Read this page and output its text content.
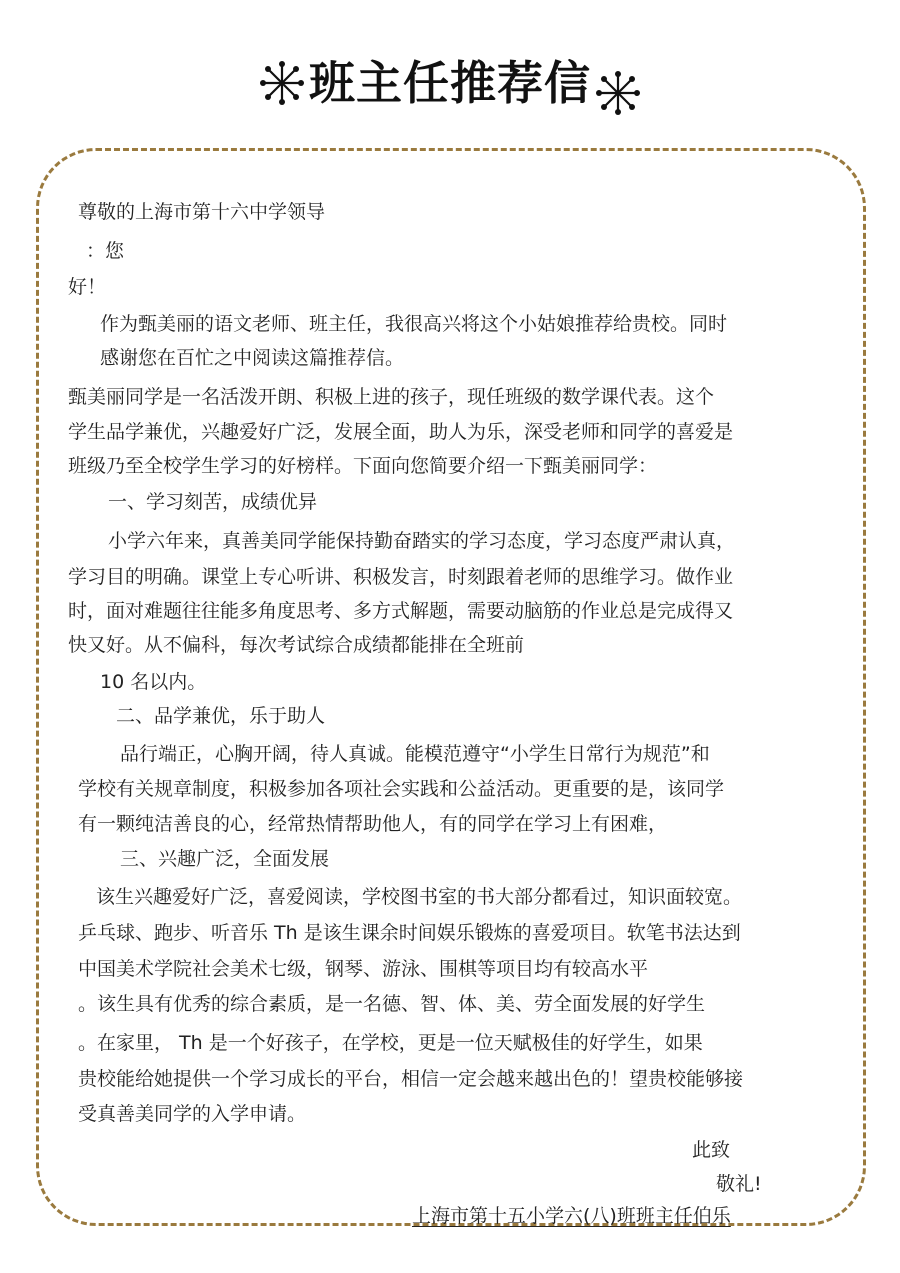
班主任推荐信
尊敬的上海市第十六中学领导
：您
好！
作为甄美丽的语文老师、班主任，我很高兴将这个小姑娘推荐给贵校。同时
感谢您在百忙之中阅读这篇推荐信。
甄美丽同学是一名活泼开朗、积极上进的孩子，现任班级的数学课代表。这个
学生品学兼优，兴趣爱好广泛，发展全面，助人为乐，深受老师和同学的喜爱是
班级乃至全校学生学习的好榜样。下面向您简要介绍一下甄美丽同学：
一、学习刻苦，成绩优异
小学六年来，真善美同学能保持勤奋踏实的学习态度，学习态度严肃认真，
学习目的明确。课堂上专心听讲、积极发言，时刻跟着老师的思维学习。做作业
时，面对难题往往能多角度思考、多方式解题，需要动脑筋的作业总是完成得又
快又好。从不偏科，每次考试综合成绩都能排在全班前
10 名以内。
二、品学兼优，乐于助人
品行端正，心胸开阔，待人真诚。能模范遵守“小学生日常行为规范”和
学校有关规章制度，积极参加各项社会实践和公益活动。更重要的是，该同学
有一颗纯洁善良的心，经常热情帮助他人，有的同学在学习上有困难，
三、兴趣广泛，全面发展
该生兴趣爱好广泛，喜爱阅读，学校图书室的书大部分都看过，知识面较宽。
乒乓球、跑步、听音乐 Th 是该生课余时间娱乐锻炼的喜爱项目。软笔书法达到
中国美术学院社会美术七级，钢琴、游泳、围棋等项目均有较高水平
。该生具有优秀的综合素质，是一名德、智、体、美、劳全面发展的好学生
。在家里， Th 是一个好孩子，在学校，更是一位天赋极佳的好学生，如果
贵校能给她提供一个学习成长的平台，相信一定会越来越出色的！望贵校能够接
受真善美同学的入学申请。
此致
敬礼!
上海市第十五小学六(八)班班主任伯乐
